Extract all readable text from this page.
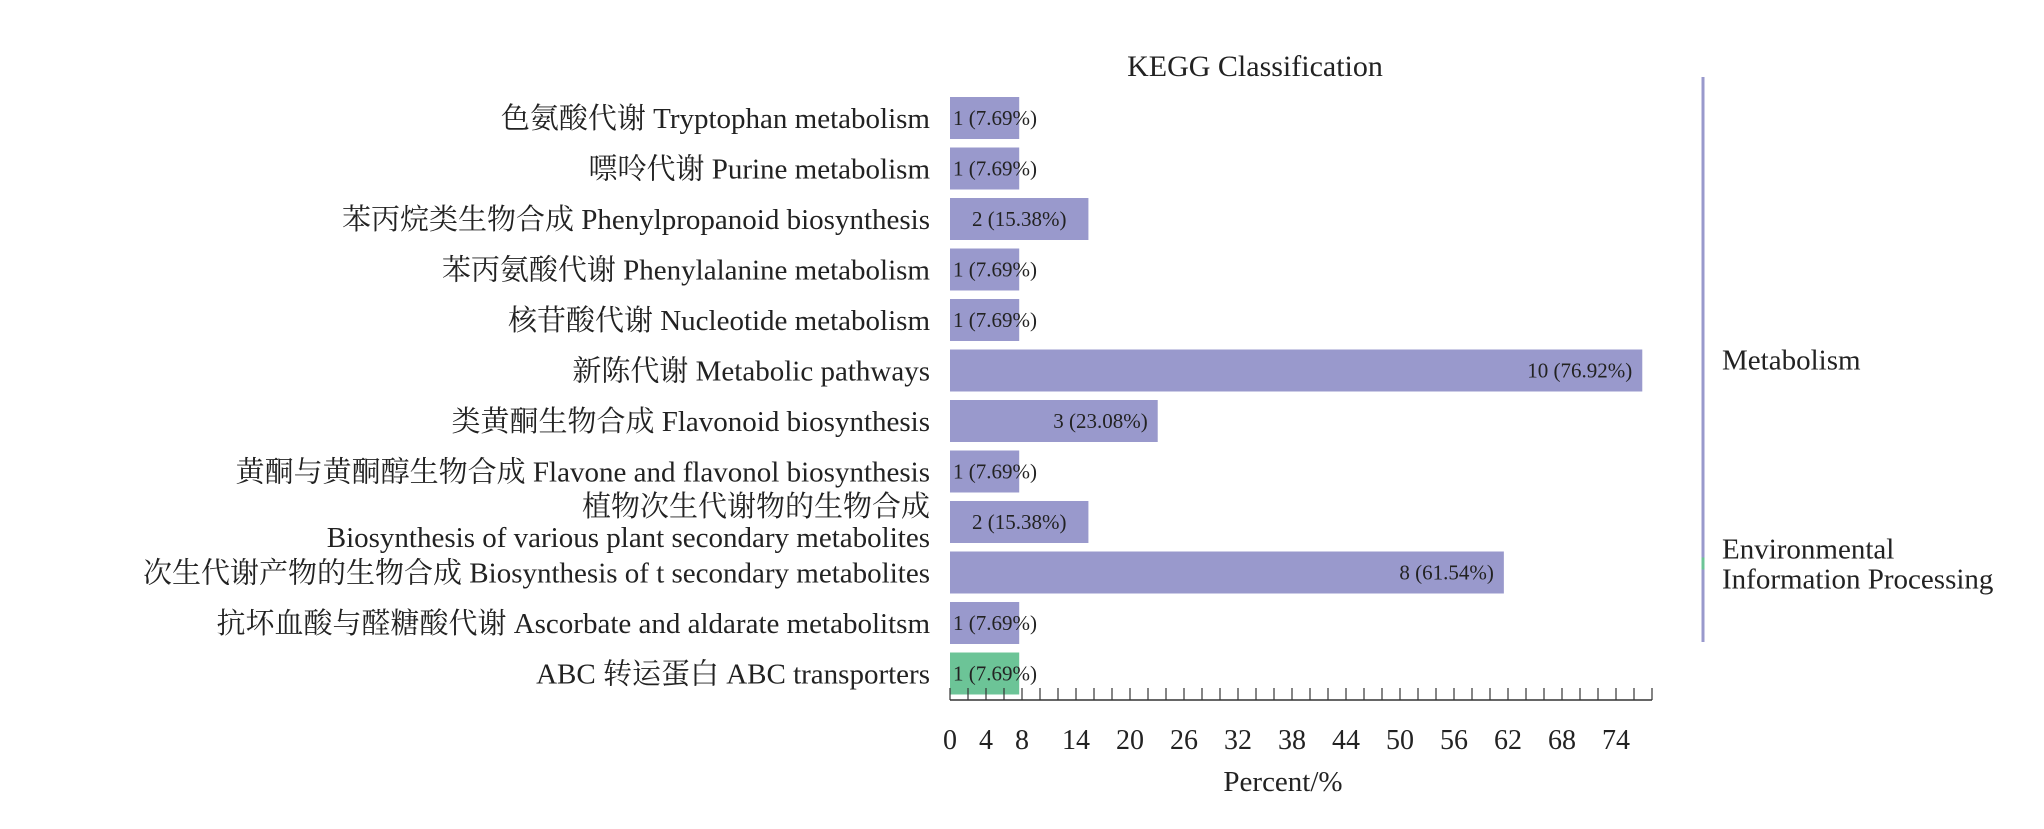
KEGG Classification
色氨酸代谢 Tryptophan metabolism
嘌呤代谢 Purine metabolism
苯丙烷类生物合成 Phenylpropanoid biosynthesis
苯丙氨酸代谢 Phenylalanine metabolism
核苷酸代谢 Nucleotide metabolism
新陈代谢 Metabolic pathways
类黄酮生物合成 Flavonoid biosynthesis
黄酮与黄酮醇生物合成 Flavone and flavonol biosynthesis
植物次生代谢物的生物合成 Biosynthesis of various plant secondary metabolites
次生代谢产物的生物合成 Biosynthesis of t secondary metabolites
抗坏血酸与醛糖酸代谢 Ascorbate and aldarate metabolitsm
ABC 转运蛋白 ABC transporters
1 (7.69%)
1 (7.69%)
2 (15.38%)
1 (7.69%)
1 (7.69%)
10 (76.92%)
3 (23.08%)
1 (7.69%)
2 (15.38%)
8 (61.54%)
1 (7.69%)
1 (7.69%)
0 4 8 14 20 26 32 38 44 50 56 62 68 74
Metabolism
Environmental Information Processing
Percent/%
